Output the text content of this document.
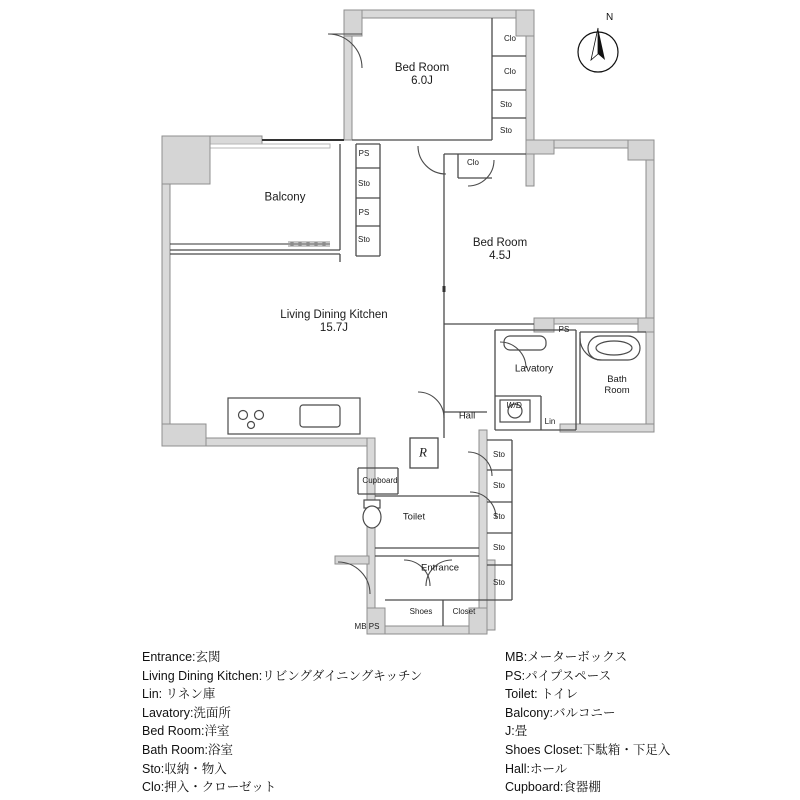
Bed Room
6.0J
Balcony
Bed Room
4.5J
Living Dining Kitchen
15.7J
Lavatory
Bath Room
Hall
Toilet
Entrance
Clo
Clo
Sto
Sto
Clo
PS
Sto
PS
Sto
PS
W/D
Lin
Cupboard
Shoes	Closet
MB PS
R	Sto
Sto
Sto
Sto
Sto
N
Entrance:玄関
Living Dining Kitchen:リビングダイニングキッチン
Lin: リネン庫
Lavatory:洗面所
Bed Room:洋室
Bath Room:浴室
Sto:収納・物入
Clo:押入・クローゼット
MB:メーターボックス
PS:パイプスペース
Toilet: トイレ
Balcony:バルコニー
J:畳
Shoes Closet:下駄箱・下足入
Hall:ホール
Cupboard:食器棚
